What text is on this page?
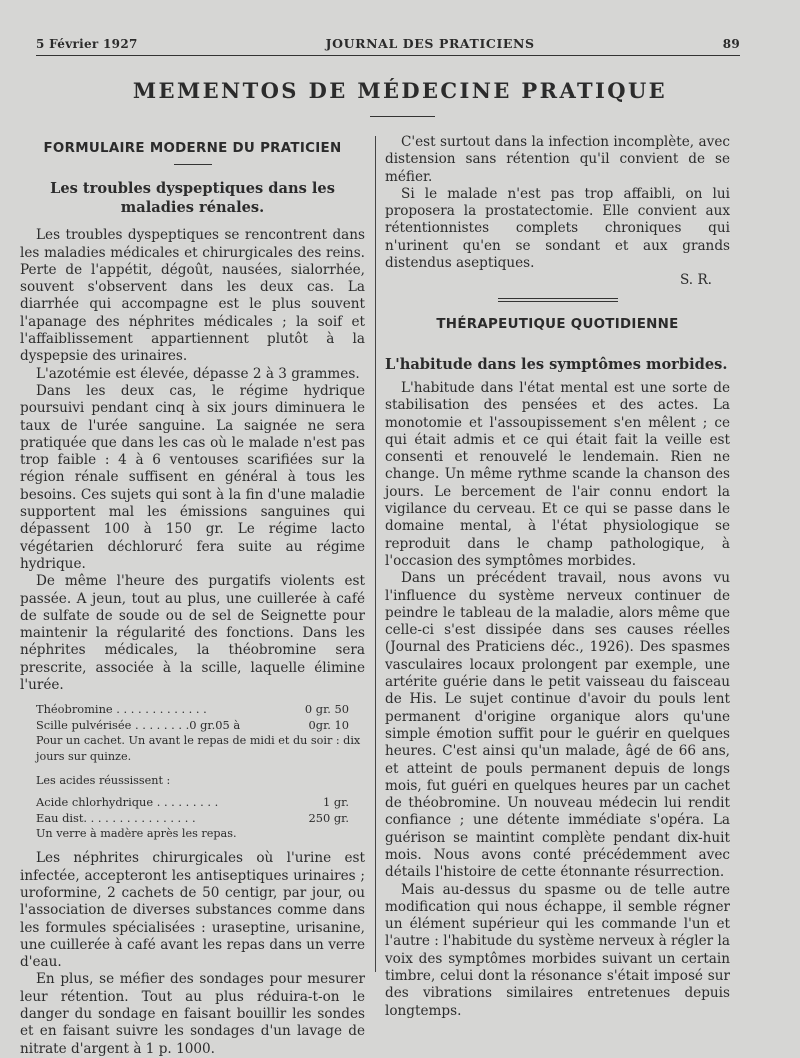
5 Février 1927	JOURNAL DES PRATICIENS	89
MEMENTOS DE MÉDECINE PRATIQUE
FORMULAIRE MODERNE DU PRATICIEN
Les troubles dyspeptiques dans les maladies rénales.

Les troubles dyspeptiques se rencontrent dans les maladies médicales et chirurgicales des reins. Perte de l'appétit, dégoût, nausées, sialorrhée, souvent s'observent dans les deux cas. La diarrhée qui accompagne est le plus souvent l'apanage des néphrites médicales ; la soif et l'affaiblissement appartiennent plutôt à la dyspepsie des urinaires.

L'azotémie est élevée, dépasse 2 à 3 grammes.

Dans les deux cas, le régime hydrique poursuivi pendant cinq à six jours diminuera le taux de l'urée sanguine. La saignée ne sera pratiquée que dans les cas où le malade n'est pas trop faible : 4 à 6 ventouses scarifiées sur la région rénale suffisent en général à tous les besoins. Ces sujets qui sont à la fin d'une maladie supportent mal les émissions sanguines qui dépassent 100 à 150 gr. Le régime lacto végétarien déchlorurć fera suite au régime hydrique.

De même l'heure des purgatifs violents est passée. A jeun, tout au plus, une cuillerée à café de sulfate de soude ou de sel de Seignette pour maintenir la régularité des fonctions. Dans les néphrites médicales, la théobromine sera prescrite, associée à la scille, laquelle élimine l'urée.

Théobromine . . . . . . . . . . . . .	0 gr. 50
Scille pulvérisée . . . . . . . .0 gr.05 à	0gr. 10
Pour un cachet. Un avant le repas de midi et du soir : dix jours sur quinze.

Les acides réussissent :

Acide chlorhydrique . . . . . . . . .	1 gr.
Eau dist. . . . . . . . . . . . . . . .	250 gr.
Un verre à madère après les repas.

Les néphrites chirurgicales où l'urine est infectée, accepteront les antiseptiques urinaires ; uroformine, 2 cachets de 50 centigr, par jour, ou l'association de diverses substances comme dans les formules spécialisées : uraseptine, urisanine, une cuillerée à café avant les repas dans un verre d'eau.

En plus, se méfier des sondages pour mesurer leur rétention. Tout au plus réduira-t-on le danger du sondage en faisant bouillir les sondes et en faisant suivre les sondages d'un lavage de nitrate d'argent à 1 p. 1000.

C'est surtout dans la infection incomplète, avec distension sans rétention qu'il convient de se méfier.

Si le malade n'est pas trop affaibli, on lui proposera la prostatectomie. Elle convient aux rétentionnistes complets chroniques qui n'urinent qu'en se sondant et aux grands distendus aseptiques.

S. R.
THÉRAPEUTIQUE QUOTIDIENNE
L'habitude dans les symptômes morbides.

L'habitude dans l'état mental est une sorte de stabilisation des pensées et des actes. La monotomie et l'assoupissement s'en mêlent ; ce qui était admis et ce qui était fait la veille est consenti et renouvelé le lendemain. Rien ne change. Un même rythme scande la chanson des jours. Le bercement de l'air connu endort la vigilance du cerveau. Et ce qui se passe dans le domaine mental, à l'état physiologique se reproduit dans le champ pathologique, à l'occasion des symptômes morbides.

Dans un précédent travail, nous avons vu l'influence du système nerveux continuer de peindre le tableau de la maladie, alors même que celle-ci s'est dissipée dans ses causes réelles (Journal des Praticiens déc., 1926). Des spasmes vasculaires locaux prolongent par exemple, une artérite guérie dans le petit vaisseau du faisceau de His. Le sujet continue d'avoir du pouls lent permanent d'origine organique alors qu'une simple émotion suffit pour le guérir en quelques heures. C'est ainsi qu'un malade, âgé de 66 ans, et atteint de pouls permanent depuis de longs mois, fut guéri en quelques heures par un cachet de théobromine. Un nouveau médecin lui rendit confiance ; une détente immédiate s'opéra. La guérison se maintint complète pendant dix-huit mois. Nous avons conté précédemment avec détails l'histoire de cette étonnante résurrection.

Mais au-dessus du spasme ou de telle autre modification qui nous échappe, il semble régner un élément supérieur qui les commande l'un et l'autre : l'habitude du système nerveux à régler la voix des symptômes morbides suivant un certain timbre, celui dont la résonance s'était imposé sur des vibrations similaires entretenues depuis longtemps.
